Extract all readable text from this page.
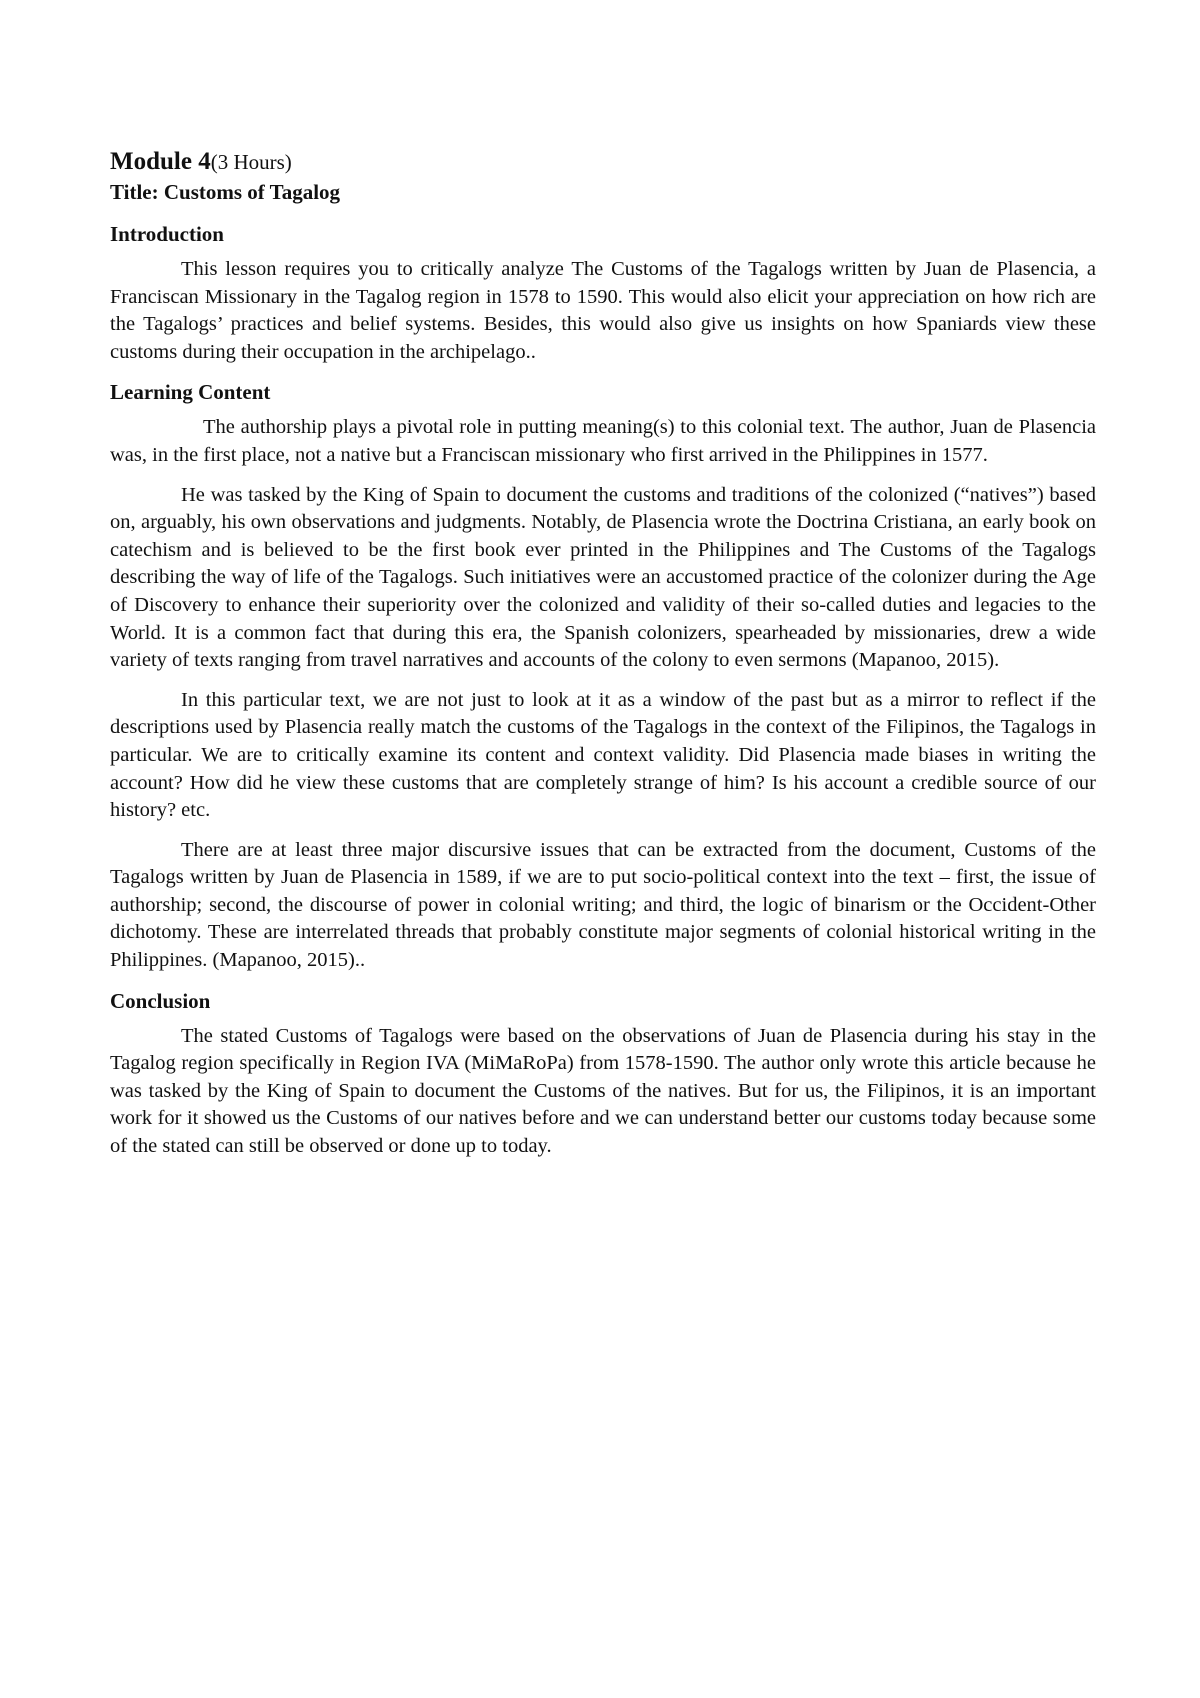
Module 4(3 Hours)

Title: Customs of Tagalog

Introduction

This lesson requires you to critically analyze The Customs of the Tagalogs written by Juan de Plasencia, a Franciscan Missionary in the Tagalog region in 1578 to 1590. This would also elicit your appreciation on how rich are the Tagalogs’ practices and belief systems. Besides, this would also give us insights on how Spaniards view these customs during their occupation in the archipelago..

Learning Content

The authorship plays a pivotal role in putting meaning(s) to this colonial text. The author, Juan de Plasencia was, in the first place, not a native but a Franciscan missionary who first arrived in the Philippines in 1577.

He was tasked by the King of Spain to document the customs and traditions of the colonized (“natives”) based on, arguably, his own observations and judgments. Notably, de Plasencia wrote the Doctrina Cristiana, an early book on catechism and is believed to be the first book ever printed in the Philippines and The Customs of the Tagalogs describing the way of life of the Tagalogs. Such initiatives were an accustomed practice of the colonizer during the Age of Discovery to enhance their superiority over the colonized and validity of their so-called duties and legacies to the World. It is a common fact that during this era, the Spanish colonizers, spearheaded by missionaries, drew a wide variety of texts ranging from travel narratives and accounts of the colony to even sermons (Mapanoo, 2015).

In this particular text, we are not just to look at it as a window of the past but as a mirror to reflect if the descriptions used by Plasencia really match the customs of the Tagalogs in the context of the Filipinos, the Tagalogs in particular. We are to critically examine its content and context validity. Did Plasencia made biases in writing the account? How did he view these customs that are completely strange of him? Is his account a credible source of our history? etc.

There are at least three major discursive issues that can be extracted from the document, Customs of the Tagalogs written by Juan de Plasencia in 1589, if we are to put socio-political context into the text – first, the issue of authorship; second, the discourse of power in colonial writing; and third, the logic of binarism or the Occident-Other dichotomy. These are interrelated threads that probably constitute major segments of colonial historical writing in the Philippines. (Mapanoo, 2015)..

Conclusion

The stated Customs of Tagalogs were based on the observations of Juan de Plasencia during his stay in the Tagalog region specifically in Region IVA (MiMaRoPa) from 1578-1590. The author only wrote this article because he was tasked by the King of Spain to document the Customs of the natives. But for us, the Filipinos, it is an important work for it showed us the Customs of our natives before and we can understand better our customs today because some of the stated can still be observed or done up to today.
